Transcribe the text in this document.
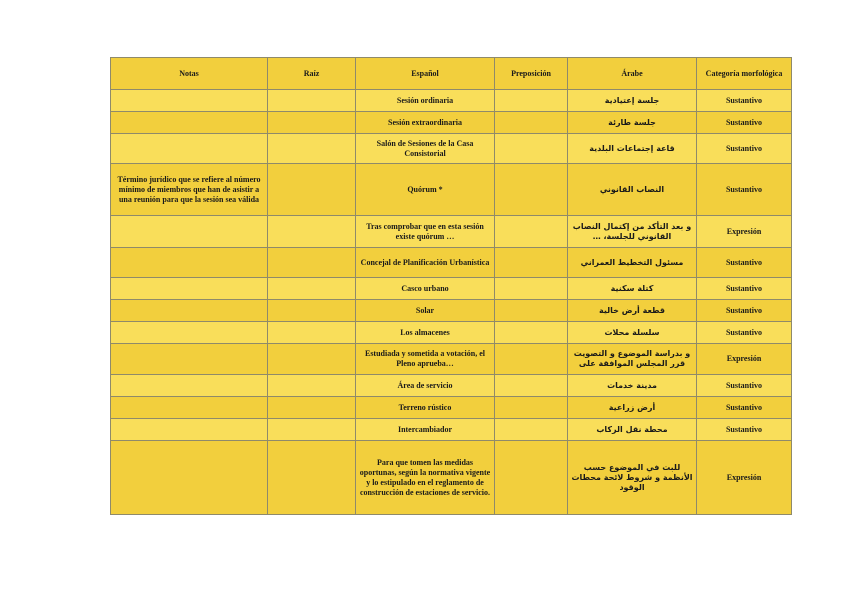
Notas	Raíz	Español	Preposición	Árabe	Categoría morfológica
		Sesión ordinaria		جلسة إعتيادية	Sustantivo
		Sesión extraordinaria		جلسة طارئة	Sustantivo
		Salón de Sesiones de la Casa Consistorial		قاعة إجتماعات البلدية	Sustantivo
Término jurídico que se refiere al número mínimo de miembros que han de asistir a una reunión para que la sesión sea válida		Quórum *		النصاب القانوني	Sustantivo
		Tras comprobar que en esta sesión existe quórum …		و بعد التأكد من إكتمال النصاب القانوني للجلسة، …	Expresión
		Concejal de Planificación Urbanística		مسئول التخطيط العمراني	Sustantivo
		Casco urbano		كتلة سكنية	Sustantivo
		Solar		قطعة أرض خالية	Sustantivo
		Los almacenes		سلسلة محلات	Sustantivo
		Estudiada y sometida a votación, el Pleno aprueba…		و بدراسة الموضوع و التصويت قرر المجلس الموافقة على	Expresión
		Área de servicio		مدينة خدمات	Sustantivo
		Terreno rústico		أرض زراعية	Sustantivo
		Intercambiador		محطة نقل الركاب	Sustantivo
		Para que tomen las medidas oportunas, según la normativa vigente y lo estipulado en el reglamento de construcción de estaciones de servicio.		للبت في الموضوع حسب الأنظمة و شروط لائحة محطات الوقود	Expresión
